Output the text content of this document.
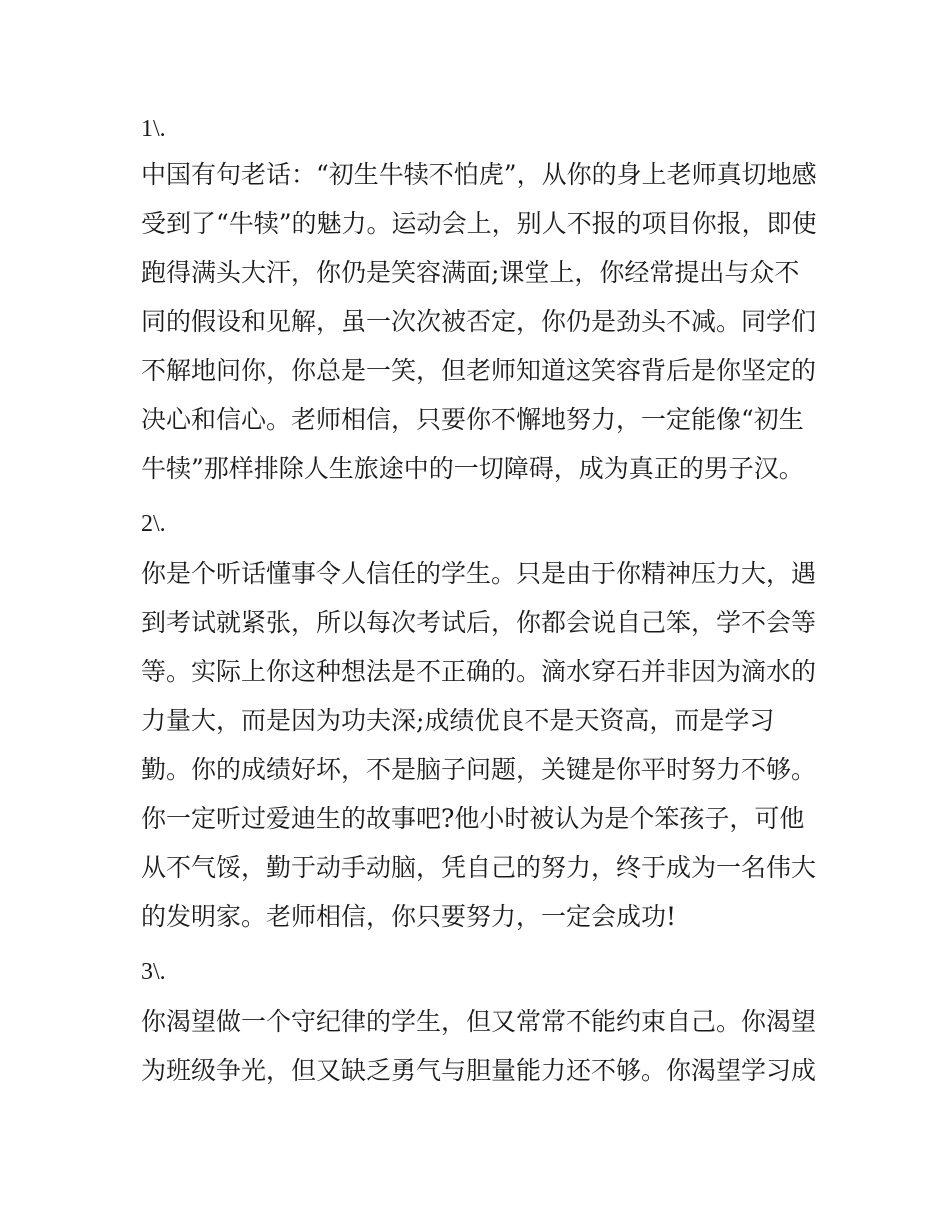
1\.
中国有句老话：“初生牛犊不怕虎”，从你的身上老师真切地感
受到了“牛犊”的魅力。运动会上，别人不报的项目你报，即使
跑得满头大汗，你仍是笑容满面;课堂上，你经常提出与众不
同的假设和见解，虽一次次被否定，你仍是劲头不减。同学们
不解地问你，你总是一笑，但老师知道这笑容背后是你坚定的
决心和信心。老师相信，只要你不懈地努力，一定能像“初生
牛犊”那样排除人生旅途中的一切障碍，成为真正的男子汉。
2\.
你是个听话懂事令人信任的学生。只是由于你精神压力大，遇
到考试就紧张，所以每次考试后，你都会说自己笨，学不会等
等。实际上你这种想法是不正确的。滴水穿石并非因为滴水的
力量大，而是因为功夫深;成绩优良不是天资高，而是学习
勤。你的成绩好坏，不是脑子问题，关键是你平时努力不够。
你一定听过爱迪生的故事吧?他小时被认为是个笨孩子，可他
从不气馁，勤于动手动脑，凭自己的努力，终于成为一名伟大
的发明家。老师相信，你只要努力，一定会成功!
3\.
你渴望做一个守纪律的学生，但又常常不能约束自己。你渴望
为班级争光，但又缺乏勇气与胆量能力还不够。你渴望学习成
